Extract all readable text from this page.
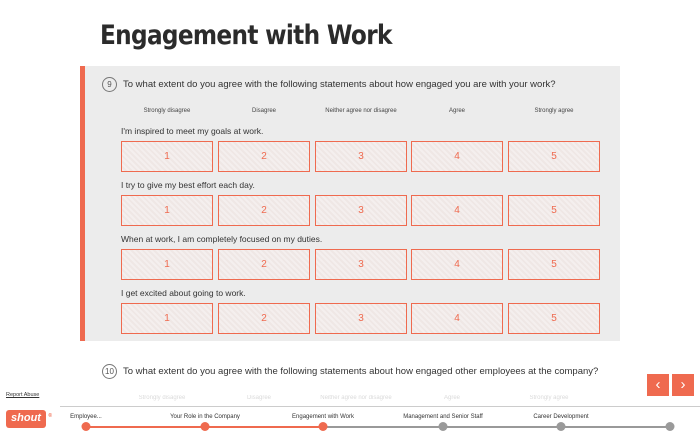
Engagement with Work
9	To what extent do you agree with the following statements about how engaged you are with your work?
Strongly disagree	Disagree	Neither agree nor disagree	Agree	Strongly agree
I'm inspired to meet my goals at work.
1	2	3	4	5
I try to give my best effort each day.
1	2	3	4	5
When at work, I am completely focused on my duties.
1	2	3	4	5
I get excited about going to work.
1	2	3	4	5
10 To what extent do you agree with the following statements about how engaged other employees at the company?
Strongly disagree	Disagree	Neither agree nor disagree	Agree	Strongly agree
‹	›
Report Abuse
shout ®	Employee...	Your Role in the Company	Engagement with Work	Management and Senior Staff	Career Development
